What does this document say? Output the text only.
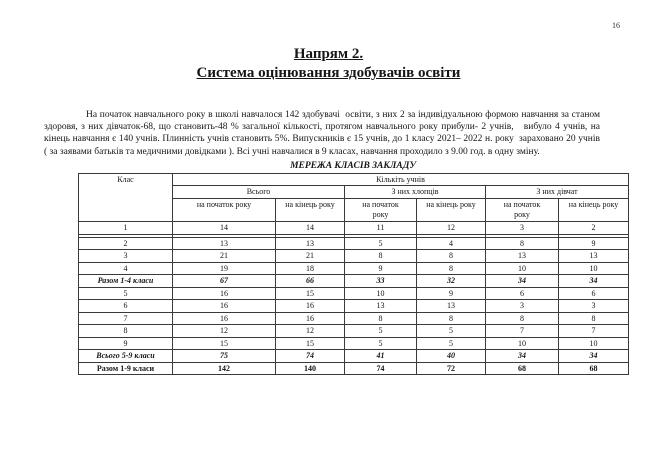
16
Напрям 2.
Система оцінювання здобувачів освіти
На початок навчального року в школі навчалося 142 здобувачі  освіти, з них 2 за індивідуальною формою навчання за станом здоровя, з них дівчаток-68, що становить-48 % загальної кількості, протягом навчального року прибули- 2 учнів,   вибуло 4 учнів, на кінець навчання є 140 учнів. Плинність учнів становить 5%. Випускників є 15 учнів, до 1 класу 2021– 2022 н. року  зараховано 20 учнів ( за заявами батьків та медичними довідками ). Всі учні навчалися в 9 класах, навчання проходило з 9.00 год. в одну зміну.
МЕРЕЖА КЛАСІВ ЗАКЛАДУ
Клас	Кількіть учнів					
	Всього		З них хлопців		З них дівчат	
	на початок року	на кінець року	на початок року	на кінець року	на початок року	на кінець року
1	14	14	11	12	3	2

2	13	13	5	4	8	9
3	21	21	8	8	13	13
4	19	18	9	8	10	10
Разом 1-4 класи	67	66	33	32	34	34
5	16	15	10	9	6	6
6	16	16	13	13	3	3
7	16	16	8	8	8	8
8	12	12	5	5	7	7
9	15	15	5	5	10	10
Всього 5-9 класи	75	74	41	40	34	34
Разом 1-9 класи	142	140	74	72	68	68
